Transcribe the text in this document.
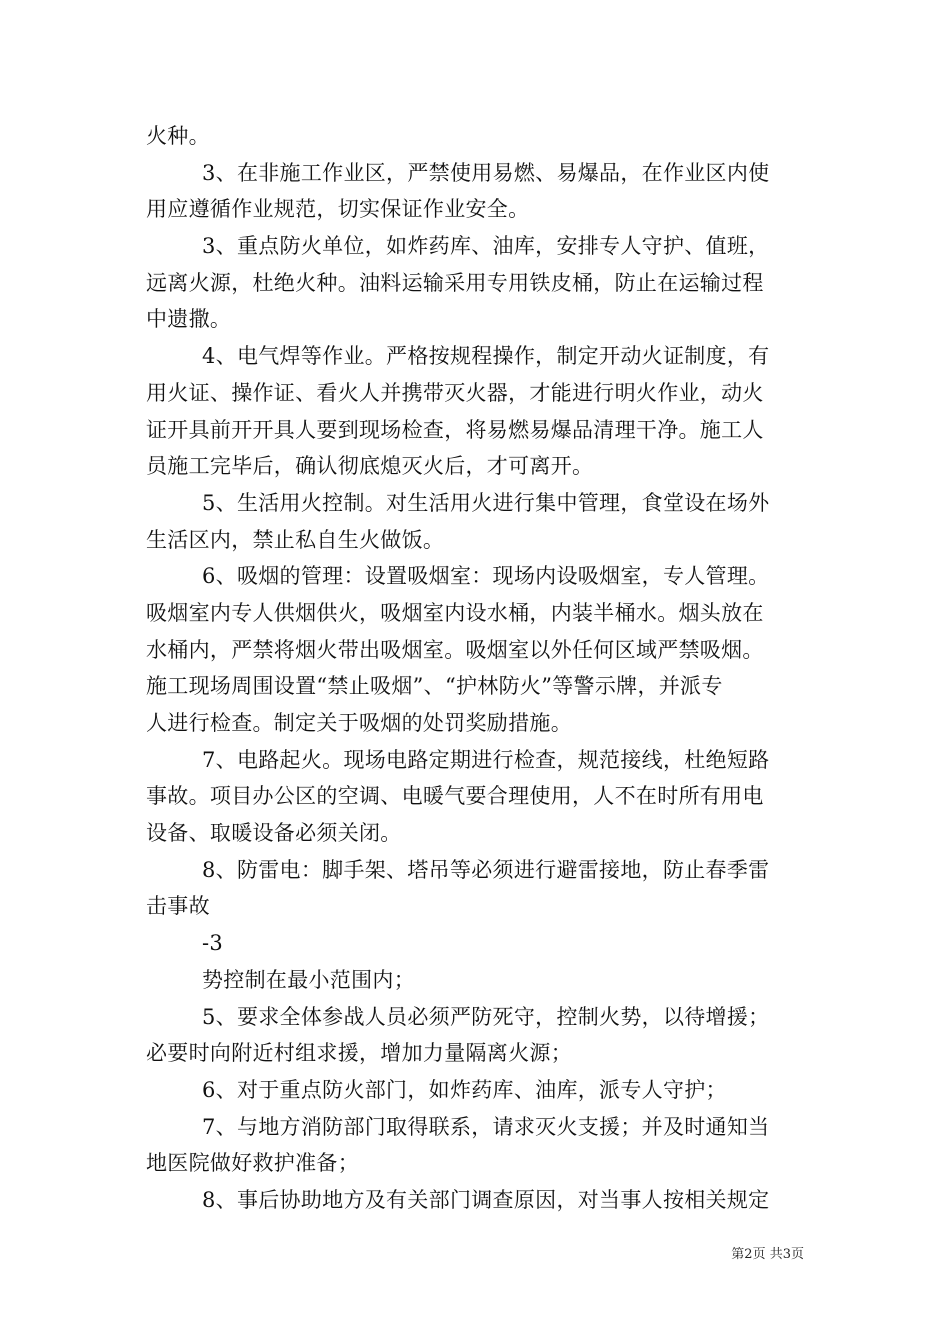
火种。
3、在非施工作业区，严禁使用易燃、易爆品，在作业区内使
用应遵循作业规范，切实保证作业安全。
3、重点防火单位，如炸药库、油库，安排专人守护、值班，
远离火源，杜绝火种。油料运输采用专用铁皮桶，防止在运输过程
中遗撒。
4、电气焊等作业。严格按规程操作，制定开动火证制度，有
用火证、操作证、看火人并携带灭火器，才能进行明火作业，动火
证开具前开开具人要到现场检查，将易燃易爆品清理干净。施工人
员施工完毕后，确认彻底熄灭火后，才可离开。
5、生活用火控制。对生活用火进行集中管理，食堂设在场外
生活区内，禁止私自生火做饭。
6、吸烟的管理：设置吸烟室：现场内设吸烟室，专人管理。
吸烟室内专人供烟供火，吸烟室内设水桶，内装半桶水。烟头放在
水桶内，严禁将烟火带出吸烟室。吸烟室以外任何区域严禁吸烟。
施工现场周围设置“禁止吸烟”、“护林防火”等警示牌，并派专
人进行检查。制定关于吸烟的处罚奖励措施。
7、电路起火。现场电路定期进行检查，规范接线，杜绝短路
事故。项目办公区的空调、电暖气要合理使用，人不在时所有用电
设备、取暖设备必须关闭。
8、防雷电：脚手架、塔吊等必须进行避雷接地，防止春季雷
击事故
-3
势控制在最小范围内；
5、要求全体参战人员必须严防死守，控制火势，以待增援；
必要时向附近村组求援，增加力量隔离火源；
6、对于重点防火部门，如炸药库、油库，派专人守护；
7、与地方消防部门取得联系，请求灭火支援；并及时通知当
地医院做好救护准备；
8、事后协助地方及有关部门调查原因，对当事人按相关规定
第2页 共3页
